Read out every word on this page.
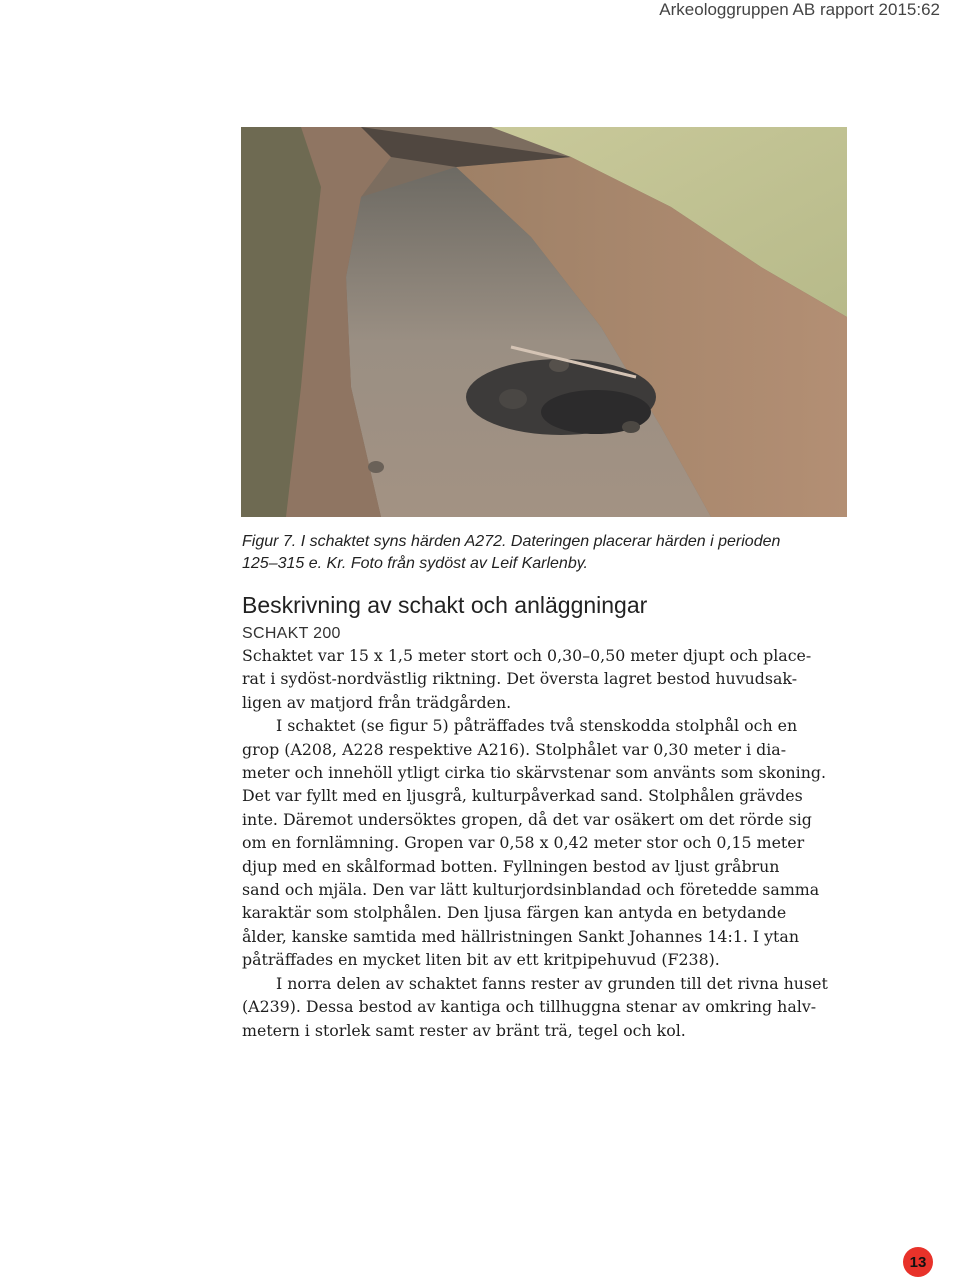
Arkeologgruppen AB rapport 2015:62

Figur 7. I schaktet syns härden A272. Dateringen placerar härden i perioden

125–315 e. Kr. Foto från sydöst av Leif Karlenby.

Beskrivning av schakt och anläggningar
SCHAKT 200
Schaktet var 15 x 1,5 meter stort och 0,30–0,50 meter djupt och place-
rat i sydöst-nordvästlig riktning. Det översta lagret bestod huvudsak-
ligen av matjord från trädgården.
I schaktet (se figur 5) påträffades två stenskodda stolphål och en
grop (A208, A228 respektive A216). Stolphålet var 0,30 meter i dia-
meter och innehöll ytligt cirka tio skärvstenar som använts som skoning.
Det var fyllt med en ljusgrå, kulturpåverkad sand. Stolphålen grävdes
inte. Däremot undersöktes gropen, då det var osäkert om det rörde sig
om en fornlämning. Gropen var 0,58 x 0,42 meter stor och 0,15 meter
djup med en skålformad botten. Fyllningen bestod av ljust gråbrun
sand och mjäla. Den var lätt kulturjordsinblandad och företedde samma
karaktär som stolphålen. Den ljusa färgen kan antyda en betydande
ålder, kanske samtida med hällristningen Sankt Johannes 14:1. I ytan
påträffades en mycket liten bit av ett kritpipehuvud (F238).
I norra delen av schaktet fanns rester av grunden till det rivna huset
(A239). Dessa bestod av kantiga och tillhuggna stenar av omkring halv-
metern i storlek samt rester av bränt trä, tegel och kol.
13
